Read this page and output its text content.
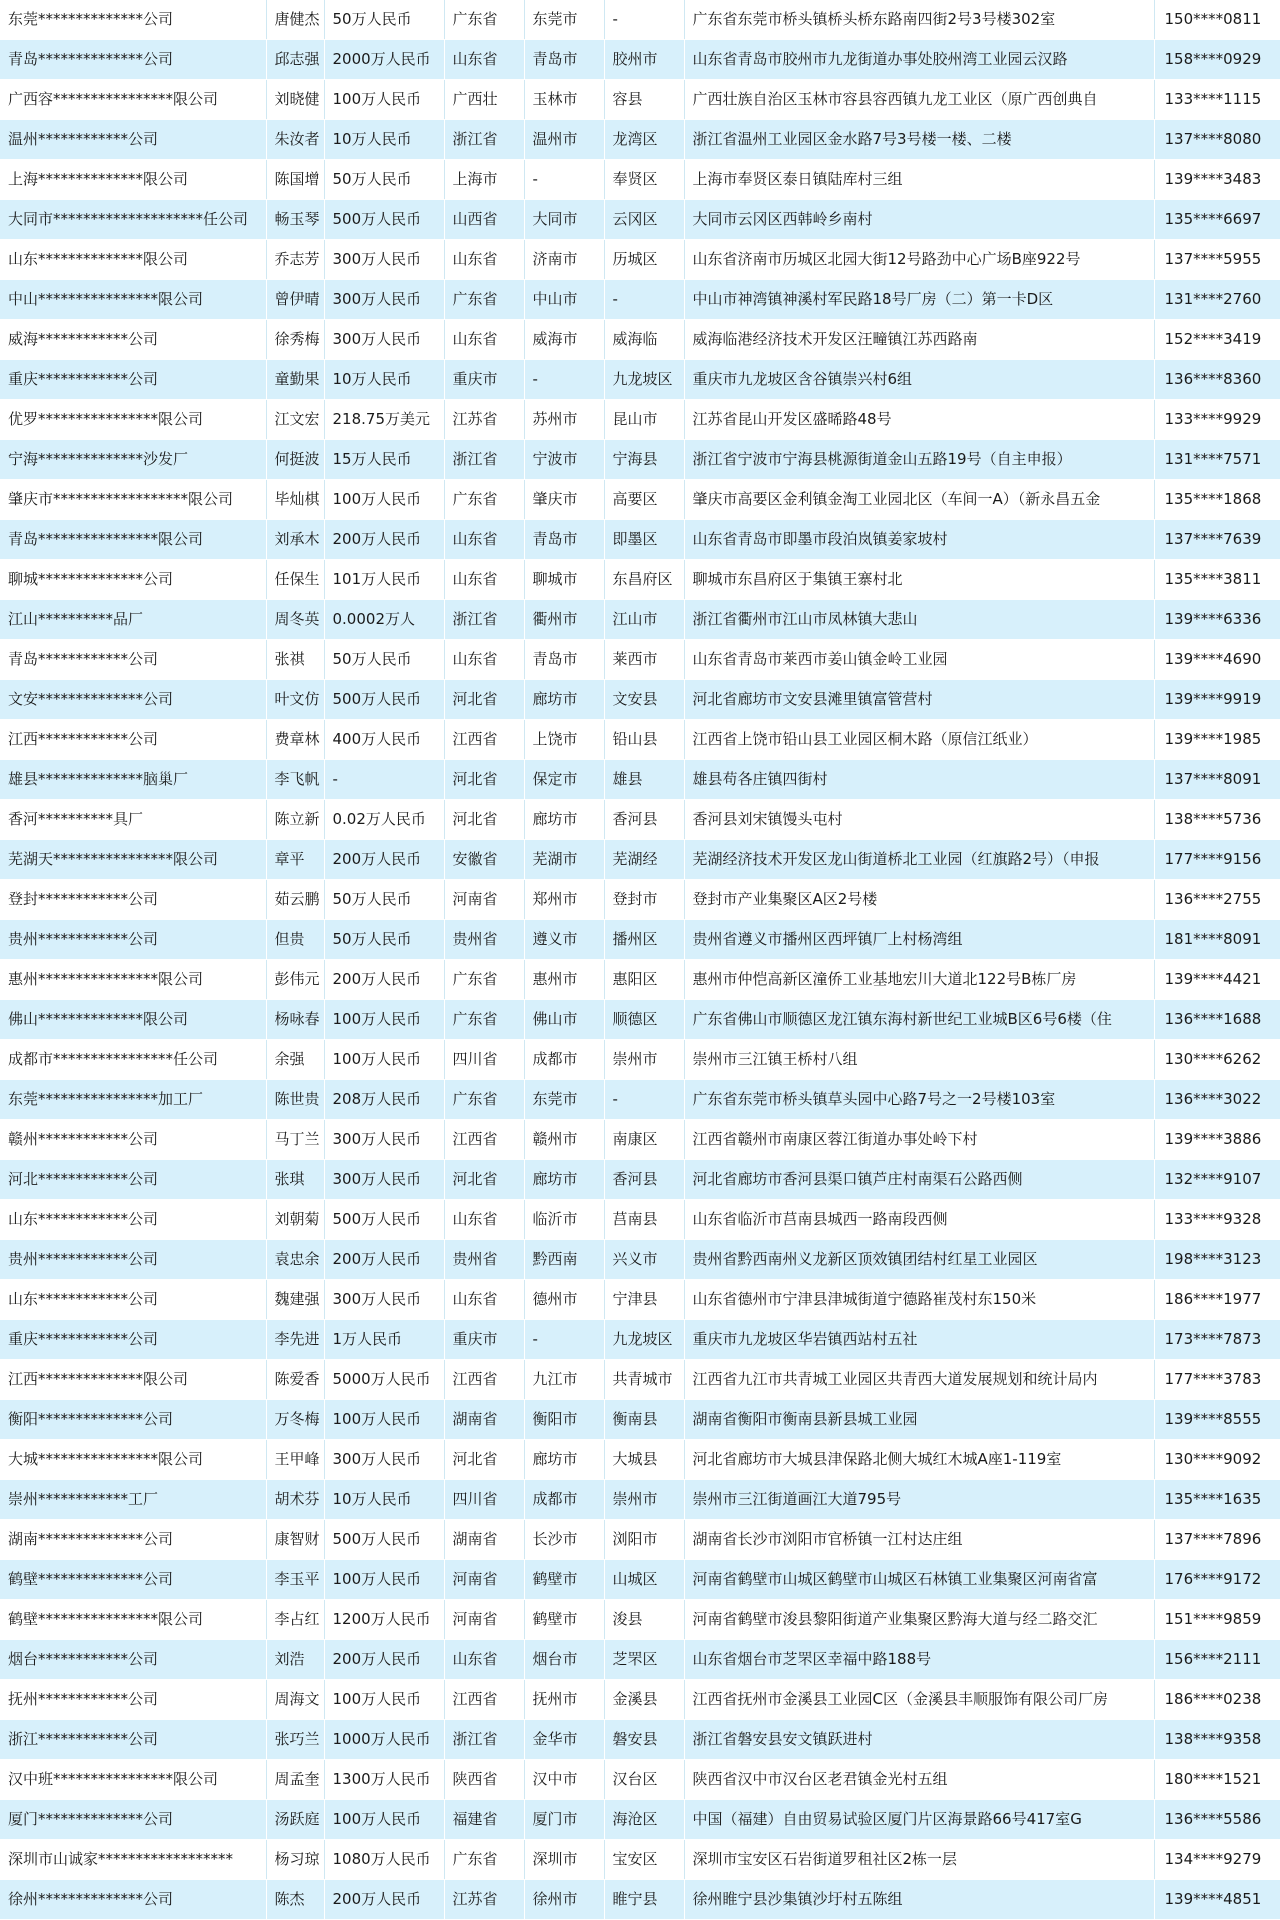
东莞**************公司	唐健杰	50万人民币	广东省	东莞市	-	广东省东莞市桥头镇桥头桥东路南四街2号3号楼302室	150****0811
青岛**************公司	邱志强	2000万人民币	山东省	青岛市	胶州市	山东省青岛市胶州市九龙街道办事处胶州湾工业园云汉路	158****0929
广西容****************限公司	刘晓健	100万人民币	广西壮	玉林市	容县	广西壮族自治区玉林市容县容西镇九龙工业区（原广西创典自	133****1115
温州************公司	朱汝者	10万人民币	浙江省	温州市	龙湾区	浙江省温州工业园区金水路7号3号楼一楼、二楼	137****8080
上海**************限公司	陈国增	50万人民币	上海市	-	奉贤区	上海市奉贤区泰日镇陆库村三组	139****3483
大同市********************任公司	畅玉琴	500万人民币	山西省	大同市	云冈区	大同市云冈区西韩岭乡南村	135****6697
山东**************限公司	乔志芳	300万人民币	山东省	济南市	历城区	山东省济南市历城区北园大街12号路劲中心广场B座922号	137****5955
中山****************限公司	曾伊晴	300万人民币	广东省	中山市	-	中山市神湾镇神溪村军民路18号厂房（二）第一卡D区	131****2760
威海************公司	徐秀梅	300万人民币	山东省	威海市	威海临	威海临港经济技术开发区汪疃镇江苏西路南	152****3419
重庆************公司	童勤果	10万人民币	重庆市	-	九龙坡区	重庆市九龙坡区含谷镇崇兴村6组	136****8360
优罗****************限公司	江文宏	218.75万美元	江苏省	苏州市	昆山市	江苏省昆山开发区盛晞路48号	133****9929
宁海**************沙发厂	何挺波	15万人民币	浙江省	宁波市	宁海县	浙江省宁波市宁海县桃源街道金山五路19号（自主申报）	131****7571
肇庆市******************限公司	毕灿棋	100万人民币	广东省	肇庆市	高要区	肇庆市高要区金利镇金淘工业园北区（车间一A）（新永昌五金	135****1868
青岛****************限公司	刘承木	200万人民币	山东省	青岛市	即墨区	山东省青岛市即墨市段泊岚镇姜家坡村	137****7639
聊城**************公司	任保生	101万人民币	山东省	聊城市	东昌府区	聊城市东昌府区于集镇王寨村北	135****3811
江山**********品厂	周冬英	0.0002万人	浙江省	衢州市	江山市	浙江省衢州市江山市凤林镇大悲山	139****6336
青岛************公司	张祺	50万人民币	山东省	青岛市	莱西市	山东省青岛市莱西市姜山镇金岭工业园	139****4690
文安**************公司	叶文仿	500万人民币	河北省	廊坊市	文安县	河北省廊坊市文安县滩里镇富管营村	139****9919
江西************公司	费章林	400万人民币	江西省	上饶市	铅山县	江西省上饶市铅山县工业园区桐木路（原信江纸业）	139****1985
雄县**************脑巢厂	李飞帆	-	河北省	保定市	雄县	雄县苟各庄镇四街村	137****8091
香河**********具厂	陈立新	0.02万人民币	河北省	廊坊市	香河县	香河县刘宋镇馒头屯村	138****5736
芜湖天****************限公司	章平	200万人民币	安徽省	芜湖市	芜湖经	芜湖经济技术开发区龙山街道桥北工业园（红旗路2号）（申报	177****9156
登封************公司	茹云鹏	50万人民币	河南省	郑州市	登封市	登封市产业集聚区A区2号楼	136****2755
贵州************公司	但贵	50万人民币	贵州省	遵义市	播州区	贵州省遵义市播州区西坪镇厂上村杨湾组	181****8091
惠州****************限公司	彭伟元	200万人民币	广东省	惠州市	惠阳区	惠州市仲恺高新区潼侨工业基地宏川大道北122号B栋厂房	139****4421
佛山**************限公司	杨咏春	100万人民币	广东省	佛山市	顺德区	广东省佛山市顺德区龙江镇东海村新世纪工业城B区6号6楼（住	136****1688
成都市****************任公司	余强	100万人民币	四川省	成都市	崇州市	崇州市三江镇王桥村八组	130****6262
东莞****************加工厂	陈世贵	208万人民币	广东省	东莞市	-	广东省东莞市桥头镇草头园中心路7号之一2号楼103室	136****3022
赣州************公司	马丁兰	300万人民币	江西省	赣州市	南康区	江西省赣州市南康区蓉江街道办事处岭下村	139****3886
河北************公司	张琪	300万人民币	河北省	廊坊市	香河县	河北省廊坊市香河县渠口镇芦庄村南渠石公路西侧	132****9107
山东************公司	刘朝菊	500万人民币	山东省	临沂市	莒南县	山东省临沂市莒南县城西一路南段西侧	133****9328
贵州************公司	袁忠余	200万人民币	贵州省	黔西南	兴义市	贵州省黔西南州义龙新区顶效镇团结村红星工业园区	198****3123
山东************公司	魏建强	300万人民币	山东省	德州市	宁津县	山东省德州市宁津县津城街道宁德路崔茂村东150米	186****1977
重庆************公司	李先进	1万人民币	重庆市	-	九龙坡区	重庆市九龙坡区华岩镇西站村五社	173****7873
江西**************限公司	陈爱香	5000万人民币	江西省	九江市	共青城市	江西省九江市共青城工业园区共青西大道发展规划和统计局内	177****3783
衡阳**************公司	万冬梅	100万人民币	湖南省	衡阳市	衡南县	湖南省衡阳市衡南县新县城工业园	139****8555
大城****************限公司	王甲峰	300万人民币	河北省	廊坊市	大城县	河北省廊坊市大城县津保路北侧大城红木城A座1-119室	130****9092
崇州************工厂	胡术芬	10万人民币	四川省	成都市	崇州市	崇州市三江街道画江大道795号	135****1635
湖南**************公司	康智财	500万人民币	湖南省	长沙市	浏阳市	湖南省长沙市浏阳市官桥镇一江村达庄组	137****7896
鹤壁**************公司	李玉平	100万人民币	河南省	鹤壁市	山城区	河南省鹤壁市山城区鹤壁市山城区石林镇工业集聚区河南省富	176****9172
鹤壁****************限公司	李占红	1200万人民币	河南省	鹤壁市	浚县	河南省鹤壁市浚县黎阳街道产业集聚区黔海大道与经二路交汇	151****9859
烟台************公司	刘浩	200万人民币	山东省	烟台市	芝罘区	山东省烟台市芝罘区幸福中路188号	156****2111
抚州************公司	周海文	100万人民币	江西省	抚州市	金溪县	江西省抚州市金溪县工业园C区（金溪县丰顺服饰有限公司厂房	186****0238
浙江************公司	张巧兰	1000万人民币	浙江省	金华市	磐安县	浙江省磐安县安文镇跃进村	138****9358
汉中班****************限公司	周孟奎	1300万人民币	陕西省	汉中市	汉台区	陕西省汉中市汉台区老君镇金光村五组	180****1521
厦门**************公司	汤跃庭	100万人民币	福建省	厦门市	海沧区	中国（福建）自由贸易试验区厦门片区海景路66号417室G	136****5586
深圳市山诚家******************	杨习琼	1080万人民币	广东省	深圳市	宝安区	深圳市宝安区石岩街道罗租社区2栋一层	134****9279
徐州**************公司	陈杰	200万人民币	江苏省	徐州市	睢宁县	徐州睢宁县沙集镇沙圩村五陈组	139****4851
